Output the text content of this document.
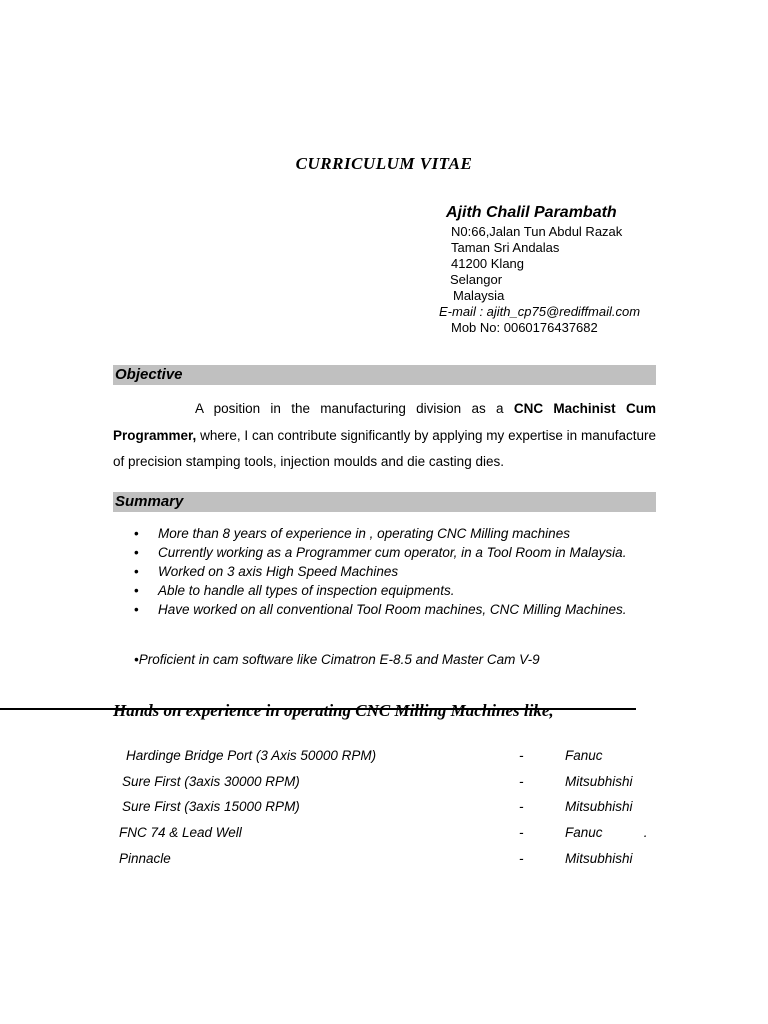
CURRICULUM VITAE
Ajith Chalil Parambath
N0:66,Jalan Tun Abdul Razak
Taman Sri Andalas
41200 Klang
Selangor
Malaysia
E-mail : ajith_cp75@rediffmail.com
Mob No: 0060176437682
Objective
A position in the manufacturing division as a CNC Machinist Cum Programmer, where, I can contribute significantly by applying my expertise in manufacture of precision stamping tools, injection moulds and die casting dies.
Summary
• More than 8 years of experience in , operating CNC Milling machines
• Currently working as a Programmer cum operator, in a Tool Room in Malaysia.
• Worked on 3 axis High Speed Machines
• Able to handle all types of inspection equipments.
• Have worked on all conventional Tool Room machines, CNC Milling Machines.
•Proficient in cam software like Cimatron E-8.5 and Master Cam V-9
Hands on experience in operating CNC Milling Machines like,
Hardinge Bridge Port (3 Axis 50000 RPM)	-	Fanuc
Sure First (3axis 30000 RPM)	-	Mitsubhishi
Sure First (3axis 15000 RPM)	-	Mitsubhishi
FNC 74 & Lead Well	-	Fanuc           .
Pinnacle	-	Mitsubhishi
